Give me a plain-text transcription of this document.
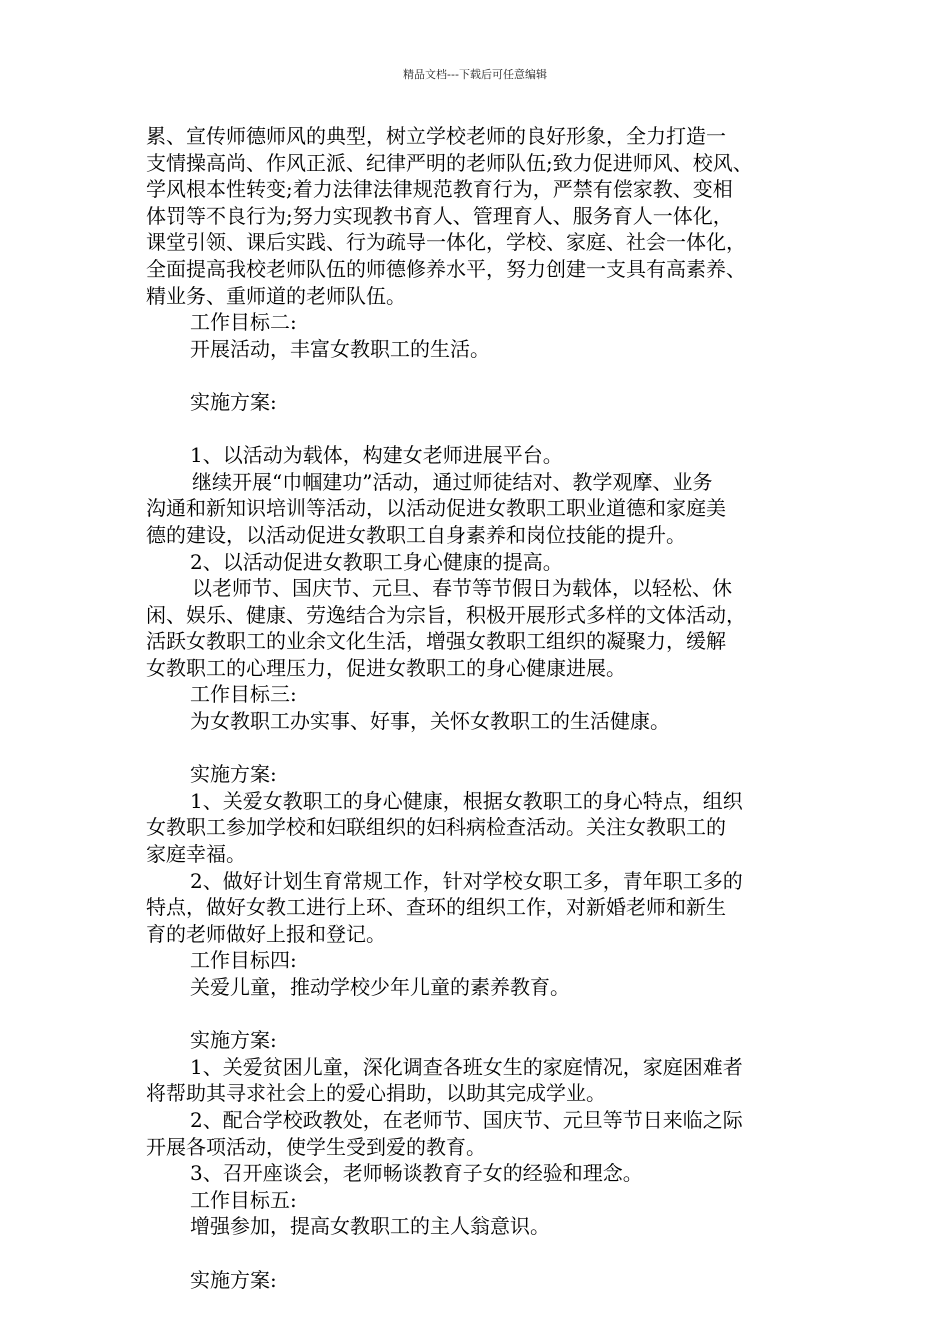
精品文档---下载后可任意编辑
累、宣传师德师风的典型，树立学校老师的良好形象，全力打造一
支情操高尚、作风正派、纪律严明的老师队伍;致力促进师风、校风、
学风根本性转变;着力法律法律规范教育行为，严禁有偿家教、变相
体罚等不良行为;努力实现教书育人、管理育人、服务育人一体化，
课堂引领、课后实践、行为疏导一体化，学校、家庭、社会一体化，
全面提高我校老师队伍的师德修养水平，努力创建一支具有高素养、
精业务、重师道的老师队伍。
工作目标二:
开展活动，丰富女教职工的生活。
实施方案:
1、以活动为载体，构建女老师进展平台。
继续开展“巾帼建功”活动，通过师徒结对、教学观摩、业务
沟通和新知识培训等活动，以活动促进女教职工职业道德和家庭美
德的建设，以活动促进女教职工自身素养和岗位技能的提升。
2、以活动促进女教职工身心健康的提高。
以老师节、国庆节、元旦、春节等节假日为载体，以轻松、休
闲、娱乐、健康、劳逸结合为宗旨，积极开展形式多样的文体活动，
活跃女教职工的业余文化生活，增强女教职工组织的凝聚力，缓解
女教职工的心理压力，促进女教职工的身心健康进展。
工作目标三:
为女教职工办实事、好事，关怀女教职工的生活健康。
实施方案:
1、关爱女教职工的身心健康，根据女教职工的身心特点，组织
女教职工参加学校和妇联组织的妇科病检查活动。关注女教职工的
家庭幸福。
2、做好计划生育常规工作，针对学校女职工多，青年职工多的
特点，做好女教工进行上环、查环的组织工作，对新婚老师和新生
育的老师做好上报和登记。
工作目标四:
关爱儿童，推动学校少年儿童的素养教育。
实施方案:
1、关爱贫困儿童，深化调查各班女生的家庭情况，家庭困难者
将帮助其寻求社会上的爱心捐助，以助其完成学业。
2、配合学校政教处，在老师节、国庆节、元旦等节日来临之际
开展各项活动，使学生受到爱的教育。
3、召开座谈会，老师畅谈教育子女的经验和理念。
工作目标五:
增强参加，提高女教职工的主人翁意识。
实施方案:
